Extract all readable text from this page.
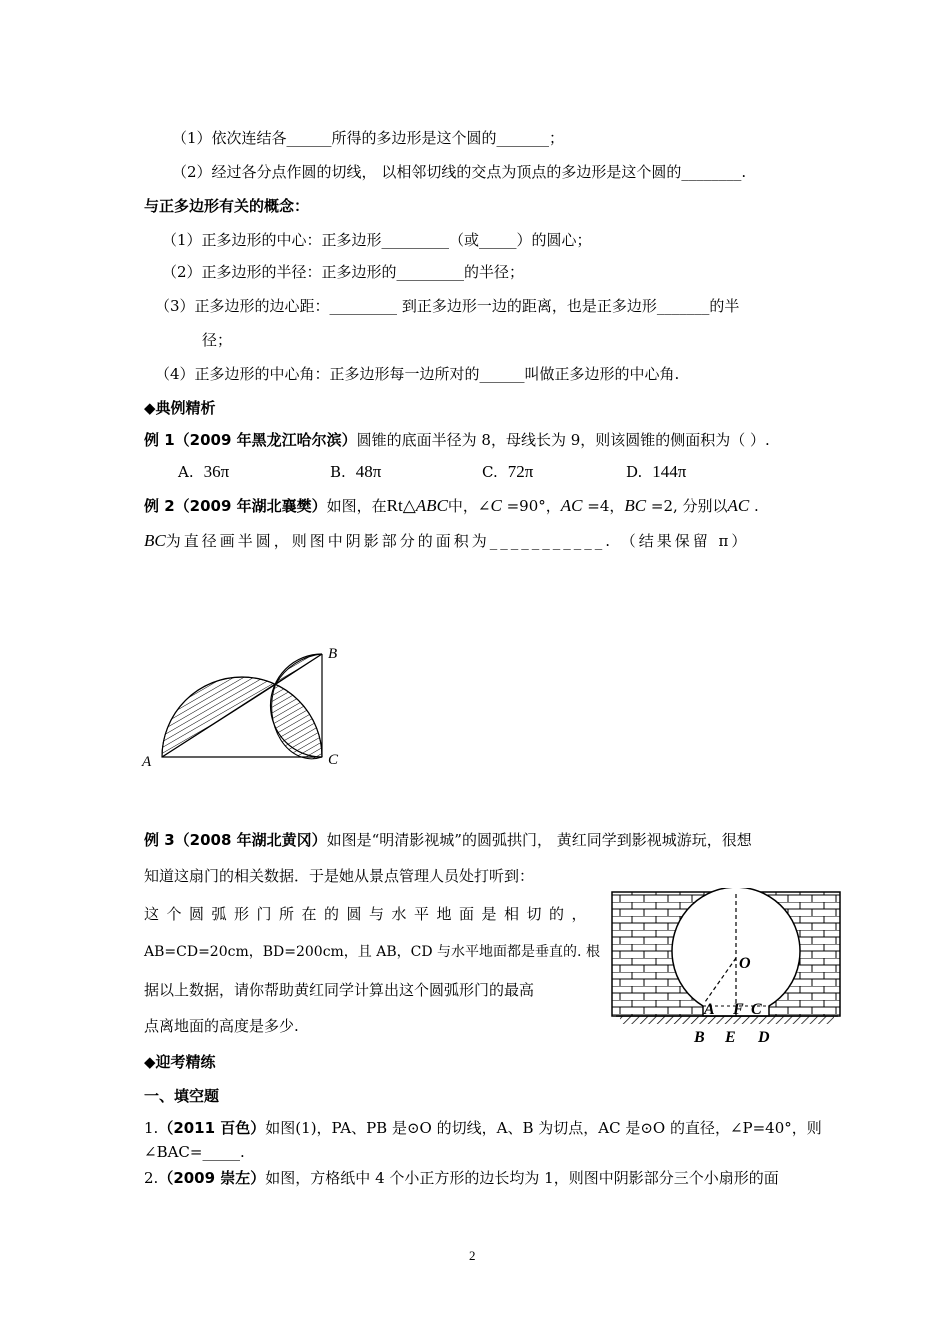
（1）依次连结各______所得的多边形是这个圆的_______；
（2）经过各分点作圆的切线， 以相邻切线的交点为顶点的多边形是这个圆的________.
与正多边形有关的概念：
（1）正多边形的中心：正多边形_________（或_____）的圆心；
（2）正多边形的半径：正多边形的_________的半径；
（3）正多边形的边心距：_________ 到正多边形一边的距离，也是正多边形_______的半
径；
（4）正多边形的中心角：正多边形每一边所对的______叫做正多边形的中心角.
◆典例精析
例 1（2009 年黑龙江哈尔滨）圆锥的底面半径为 8，母线长为 9，则该圆锥的侧面积为（ ）.
A. 36π	B. 48π	C. 72π	D. 144π
例 2（2009 年湖北襄樊）如图，在Rt△ABC中，∠C =90°，AC =4，BC =2, 分别以AC .
BC为直径画半圆，则图中阴影部分的面积为___________. （结果保留 π）
A
B
C
例 3（2008 年湖北黄冈）如图是“明清影视城”的圆弧拱门， 黄红同学到影视城游玩，很想
知道这扇门的相关数据．于是她从景点管理人员处打听到：
这个圆弧形门所在的圆与水平地面是相切的，
AB=CD=20cm，BD=200cm，且 AB，CD 与水平地面都是垂直的. 根
据以上数据，请你帮助黄红同学计算出这个圆弧形门的最高
点离地面的高度是多少.
O
A F C
B E D
◆迎考精练
一、填空题
1.（2011 百色）如图(1)，PA、PB 是⊙O 的切线，A、B 为切点，AC 是⊙O 的直径，∠P=40°，则
∠BAC=_____.
2.（2009 崇左）如图，方格纸中 4 个小正方形的边长均为 1，则图中阴影部分三个小扇形的面
2
